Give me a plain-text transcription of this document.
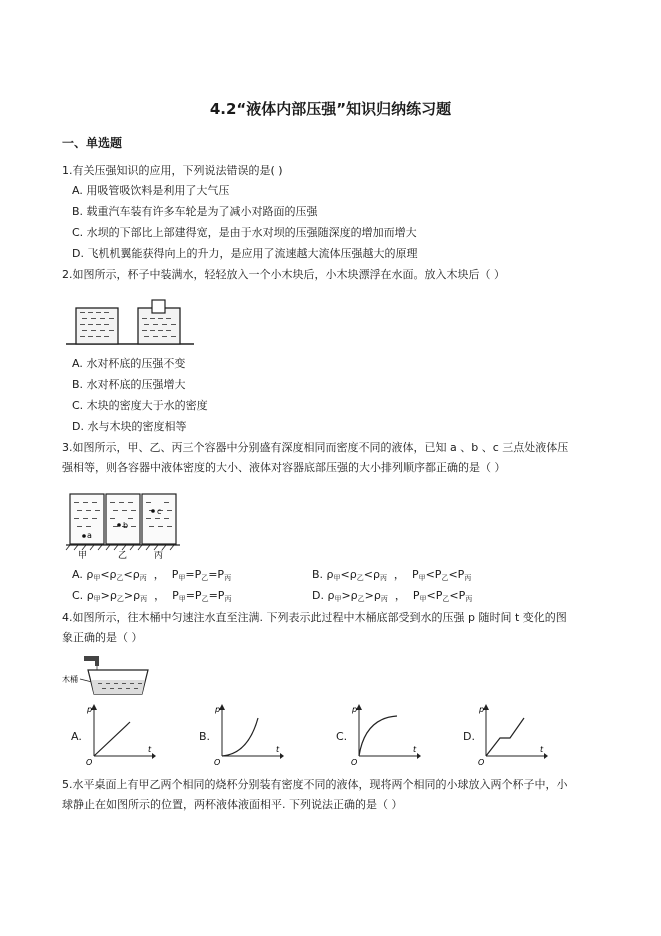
4.2“液体内部压强”知识归纳练习题
一、单选题
1.有关压强知识的应用，下列说法错误的是( )
A. 用吸管吸饮料是利用了大气压
B. 载重汽车装有许多车轮是为了减小对路面的压强
C. 水坝的下部比上部建得宽，是由于水对坝的压强随深度的增加而增大
D. 飞机机翼能获得向上的升力，是应用了流速越大流体压强越大的原理
2.如图所示，杯子中装满水，轻轻放入一个小木块后，小木块漂浮在水面。放入木块后（ ）
A. 水对杯底的压强不变
B. 水对杯底的压强增大
C. 木块的密度大于水的密度
D. 水与木块的密度相等
3.如图所示，甲、乙、丙三个容器中分别盛有深度相同而密度不同的液体，已知 a 、b 、c 三点处液体压
强相等，则各容器中液体密度的大小、液体对容器底部压强的大小排列顺序都正确的是（ ）
a
b
c
甲	乙	丙
A. ρ甲<ρ乙<ρ丙  ，  P甲=P乙=P丙	B. ρ甲<ρ乙<ρ丙  ，  P甲<P乙<P丙
C. ρ甲>ρ乙>ρ丙  ，  P甲=P乙=P丙	D. ρ甲>ρ乙>ρ丙  ，  P甲<P乙<P丙
4.如图所示，往木桶中匀速注水直至注满. 下列表示此过程中木桶底部受到水的压强 p 随时间 t 变化的图
象正确的是（ ）
木桶
A.
p
t
O
B.
p
t
O
C.
p
t
O
D.
p
t
O
5.水平桌面上有甲乙两个相同的烧杯分别装有密度不同的液体，现将两个相同的小球放入两个杯子中，小
球静止在如图所示的位置，两杯液体液面相平. 下列说法正确的是（ ）
